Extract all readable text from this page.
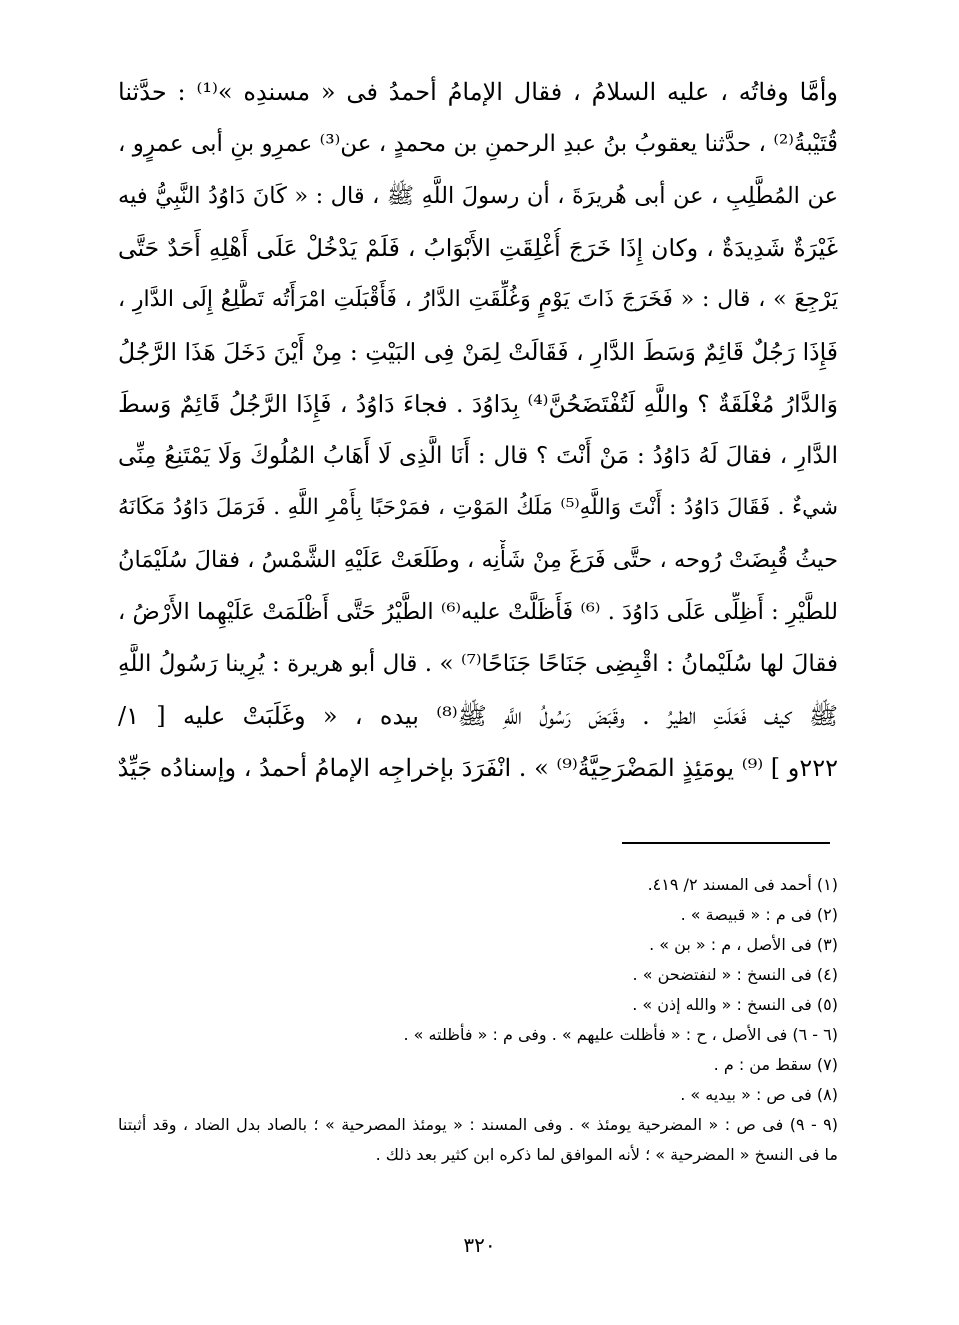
وأمَّا وفاتُه ، عليه السلامُ ، فقال الإمامُ أحمدُ فى « مسندِه »⁽¹⁾ : حدَّثنا
قُتَيْبةُ⁽²⁾ ، حدَّثنا يعقوبُ بنُ عبدِ الرحمنِ بن محمدٍ ، عن⁽³⁾ عمرِو بنِ أبى عمرٍو ،
عن المُطَّلِبِ ، عن أبى هُريرَةَ ، أن رسولَ اللَّهِ ﷺ ، قال : « كَانَ دَاوُدُ النَّبِيُّ فيه
غَيْرَةٌ شَدِيدَةٌ ، وكان إِذَا خَرَجَ أُغْلِقَتِ الأَبْوَابُ ، فَلَمْ يَدْخُلْ عَلَى أَهْلِهِ أَحَدٌ حَتَّى
يَرْجِعَ » ، قال : « فَخَرَجَ ذَاتَ يَوْمٍ وَغُلِّقَتِ الدَّارُ ، فَأَقْبَلَتِ امْرَأَتُه تَطَّلِعُ إِلَى الدَّارِ ،
فَإِذَا رَجُلٌ قَائِمٌ وَسَطَ الدَّارِ ، فَقَالَتْ لِمَنْ فِى البَيْتِ : مِنْ أَيْنَ دَخَلَ هَذَا الرَّجُلُ
وَالدَّارُ مُغْلَقَةٌ ؟ واللَّهِ لَتُفْتَضَحُنَّ⁽⁴⁾ بِدَاوُدَ . فجاءَ دَاوُدُ ، فَإِذَا الرَّجُلُ قَائِمٌ وَسطَ
الدَّارِ ، فقالَ لَهُ دَاوُدُ : مَنْ أَنْتَ ؟ قال : أَنَا الَّذِى لَا أَهَابُ المُلُوكَ وَلَا يَمْتَنِعُ مِنِّى
شيءٌ . فَقَالَ دَاوُدُ : أَنْتَ وَاللَّهِ⁽⁵⁾ مَلَكُ المَوْتِ ، فمَرْحَبًا بِأَمْرِ اللَّهِ . فَرَمَلَ دَاوُدُ مَكَانَهُ
حيثُ قُبِضَتْ رُوحه ، حتَّى فَرَغَ مِنْ شَأْنِه ، وطَلَعَتْ عَلَيْهِ الشَّمْسُ ، فقالَ سُلَيْمَانُ
للطَّيْرِ : أَظِلِّى عَلَى دَاوُدَ . ⁽⁶⁾ فَأَظَلَّتْ عليه⁽⁶⁾ الطَّيْرُ حَتَّى أَظْلَمَتْ عَلَيْهِما الأَرْضُ ،
فقالَ لها سُلَيْمانُ : اقْبِضِى جَنَاحًا جَنَاحًا⁽⁷⁾ » . قال أبو هريرة : يُرِينا رَسُولُ اللَّهِ
ﷺ كيف فَعَلَتِ الطيرُ . وقَبَضَ رَسُولُ اللَّهِ ﷺ⁽⁸⁾ بيده ، « وغَلَبَتْ عليه [ ١/
٢٢٢و ] ⁽⁹⁾ يومَئِذٍ المَضْرَحِيَّةُ⁽⁹⁾ » . انْفَرَدَ بإخراجِه الإمامُ أحمدُ ، وإسنادُه جَيِّدٌ
(١) أحمد فى المسند ٢/ ٤١٩.
(٢) فى م : « قبيصة » .
(٣) فى الأصل ، م : « بن » .
(٤) فى النسخ : « لنفتضحن » .
(٥) فى النسخ : « والله إذن » .
(٦ - ٦) فى الأصل ، ح : « فأظلت عليهم » . وفى م : « فأظلته » .
(٧) سقط من : م .
(٨) فى ص : « بيديه » .
(٩ - ٩) فى ص : « المضرحية يومئذ » . وفى المسند : « يومئذ المصرحية » ؛ بالصاد بدل الضاد ، وقد أثبتنا
ما فى النسخ « المضرحية » ؛ لأنه الموافق لما ذكره ابن كثير بعد ذلك .
٣٢٠
